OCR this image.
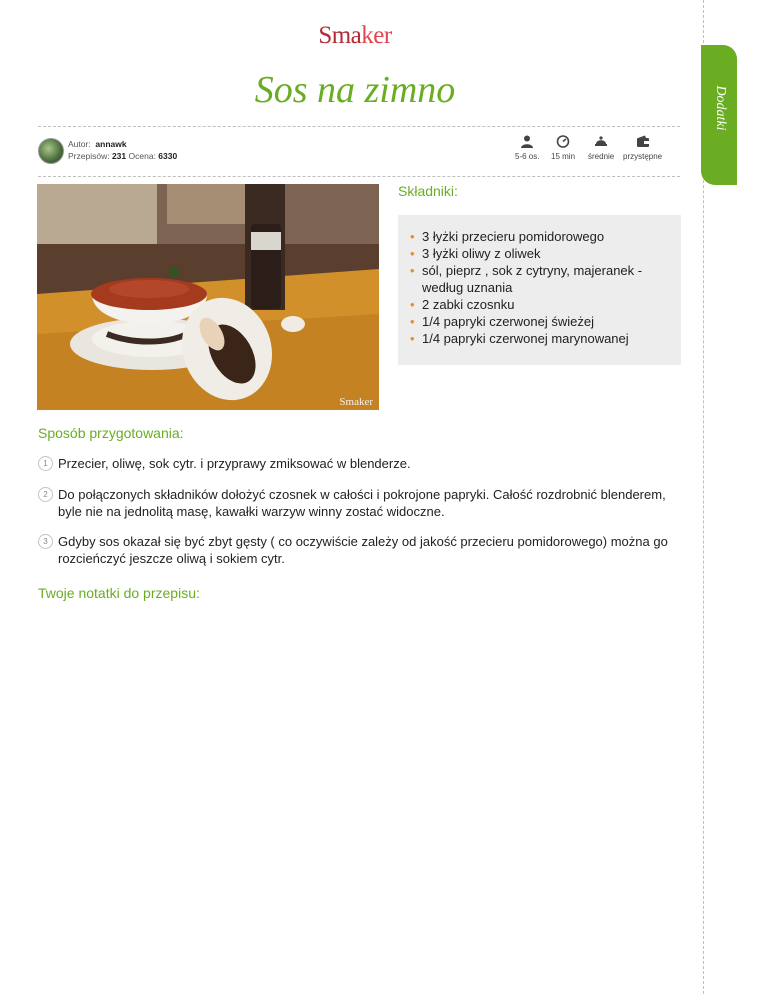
Smaker
Sos na zimno	Dodatki
Autor: annawk
Przepisów: 231 Ocena: 6330	5-6 os. 15 min średnie przystępne
Smaker
Składniki:
• 3 łyżki przecieru pomidorowego
• 3 łyżki oliwy z oliwek
• sól, pieprz , sok z cytryny, majeranek - według uznania
• 2 zabki czosnku
• 1/4 papryki czerwonej świeżej
• 1/4 papryki czerwonej marynowanej
Sposób przygotowania:
1 Przecier, oliwę, sok cytr. i przyprawy zmiksować w blenderze.
2 Do połączonych składników dołożyć czosnek w całości i pokrojone papryki. Całość rozdrobnić blenderem, byle nie na jednolitą masę, kawałki warzyw winny zostać widoczne.
3 Gdyby sos okazał się być zbyt gęsty ( co oczywiście zależy od jakość przecieru pomidorowego) można go rozcieńczyć jeszcze oliwą i sokiem cytr.
Twoje notatki do przepisu:
